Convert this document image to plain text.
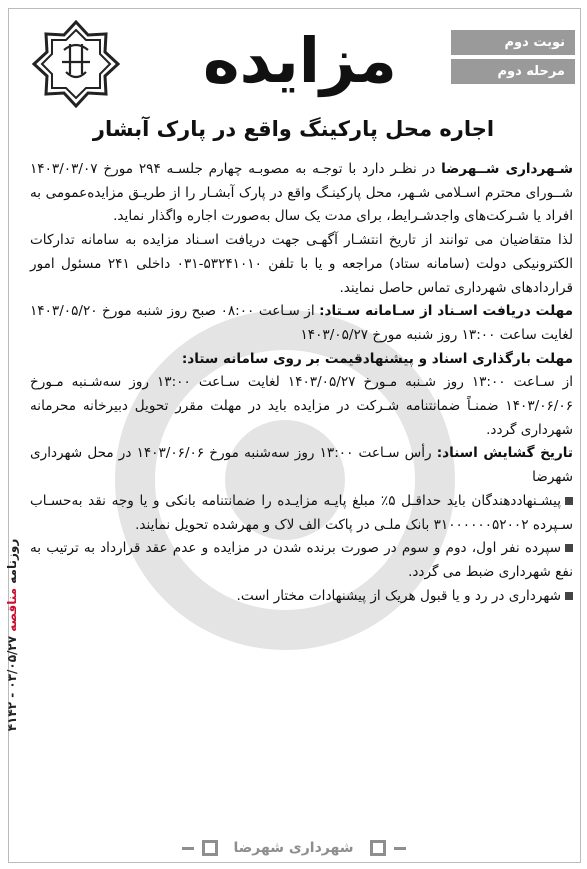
مزایده	نوبت دوم
مرحله دوم
اجاره محل پارکینگ واقع در پارک آبشار

شـهرداری شــهرضا در نظـر دارد با توجـه به مصوبـه چهارم جلسـه ۲۹۴ مورخ ۱۴۰۳/۰۳/۰۷ شــورای محترم اسـلامی شـهر، محل پارکینـگ واقع در پارک آبشـار را از طریـق مزایده‌عمومی به افراد یا شـرکت‌های واجدشـرایط، برای مدت یک سال به‌صورت اجاره واگذار نماید.

لذا متقاضیان می توانند از تاریخ انتشـار آگهـی جهت دریافت اسـناد مزایده به سامانه تدارکات الکترونیکی دولت (سامانه ستاد) مراجعه و یا با تلفن ۵۳۲۴۱۰۱۰-۰۳۱ داخلی ۲۴۱ مسئول امور قراردادهای شهرداری تماس حاصل نمایند.

مهلت دریافت اسـناد از سـامانه سـتاد: از سـاعت ۰۸:۰۰ صبح روز شنبه مورخ ۱۴۰۳/۰۵/۲۰ لغایت ساعت ۱۳:۰۰ روز شنبه مورخ ۱۴۰۳/۰۵/۲۷

مهلت بارگذاری اسناد و پیشنهادقیمت بر روی سامانه ستاد:

از سـاعت ۱۳:۰۰ روز شـنبه مـورخ ۱۴۰۳/۰۵/۲۷ لغایت سـاعت ۱۳:۰۰ روز سه‌شـنبه مـورخ ۱۴۰۳/۰۶/۰۶ ضمنـاً ضمانتنامه شـرکت در مزایده باید در مهلت مقرر تحویل دبیرخانه محرمانه شهرداری گردد.

تاریخ گشایش اسناد: رأس سـاعت ۱۳:۰۰ روز سه‌شنبه مورخ ۱۴۰۳/۰۶/۰۶ در محل شهرداری شهرضا

پیشـنهاددهندگان باید حداقـل ۵٪ مبلغ پایـه مزایـده را ضمانتنامه بانکی و یا وجه نقد به‌حسـاب سـپرده ۳۱۰۰۰۰۰۰۵۲۰۰۲ بانک ملـی در پاکت الف لاک و مهرشده تحویل نمایند.

سپرده نفر اول، دوم و سوم در صورت برنده شدن در مزایده و عدم عقد قرارداد به ترتیب به نفع شهرداری ضبط می گردد.

شهرداری در رد و یا قبول هریک از پیشنهادات مختار است.

روزنامه مناقصه ۰۳/۰۵/۲۷ - ۴۱۴۲
شهرداری شهرضا
